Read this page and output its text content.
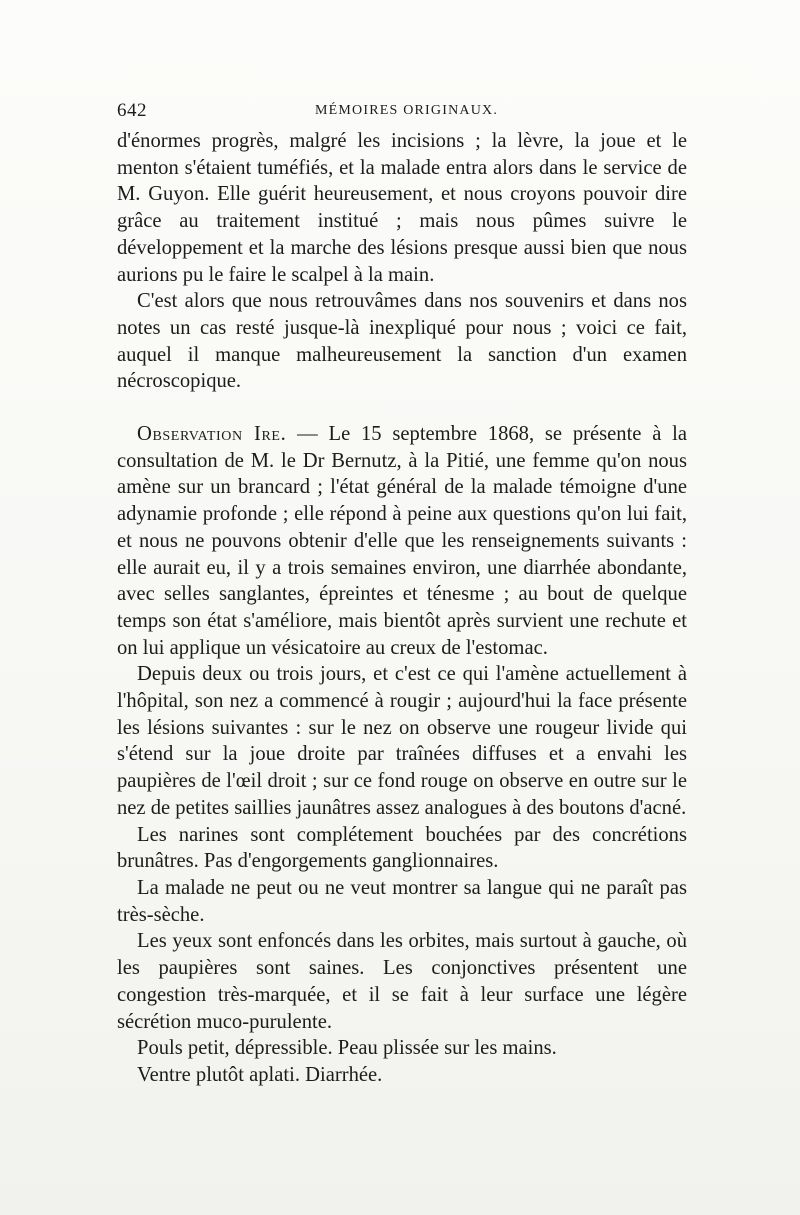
642	MÉMOIRES ORIGINAUX.

d'énormes progrès, malgré les incisions ; la lèvre, la joue et le menton s'étaient tuméfiés, et la malade entra alors dans le service de M. Guyon. Elle guérit heureusement, et nous croyons pouvoir dire grâce au traitement institué ; mais nous pûmes suivre le développement et la marche des lésions presque aussi bien que nous aurions pu le faire le scalpel à la main.

C'est alors que nous retrouvâmes dans nos souvenirs et dans nos notes un cas resté jusque-là inexpliqué pour nous ; voici ce fait, auquel il manque malheureusement la sanction d'un examen nécroscopique.

Observation Ire. — Le 15 septembre 1868, se présente à la consultation de M. le Dr Bernutz, à la Pitié, une femme qu'on nous amène sur un brancard ; l'état général de la malade témoigne d'une adynamie profonde ; elle répond à peine aux questions qu'on lui fait, et nous ne pouvons obtenir d'elle que les renseignements suivants : elle aurait eu, il y a trois semaines environ, une diarrhée abondante, avec selles sanglantes, épreintes et ténesme ; au bout de quelque temps son état s'améliore, mais bientôt après survient une rechute et on lui applique un vésicatoire au creux de l'estomac.

Depuis deux ou trois jours, et c'est ce qui l'amène actuellement à l'hôpital, son nez a commencé à rougir ; aujourd'hui la face présente les lésions suivantes : sur le nez on observe une rougeur livide qui s'étend sur la joue droite par traînées diffuses et a envahi les paupières de l'œil droit ; sur ce fond rouge on observe en outre sur le nez de petites saillies jaunâtres assez analogues à des boutons d'acné.

Les narines sont complétement bouchées par des concrétions brunâtres. Pas d'engorgements ganglionnaires.

La malade ne peut ou ne veut montrer sa langue qui ne paraît pas très-sèche.

Les yeux sont enfoncés dans les orbites, mais surtout à gauche, où les paupières sont saines. Les conjonctives présentent une congestion très-marquée, et il se fait à leur surface une légère sécrétion muco-purulente.

Pouls petit, dépressible. Peau plissée sur les mains.

Ventre plutôt aplati. Diarrhée.
